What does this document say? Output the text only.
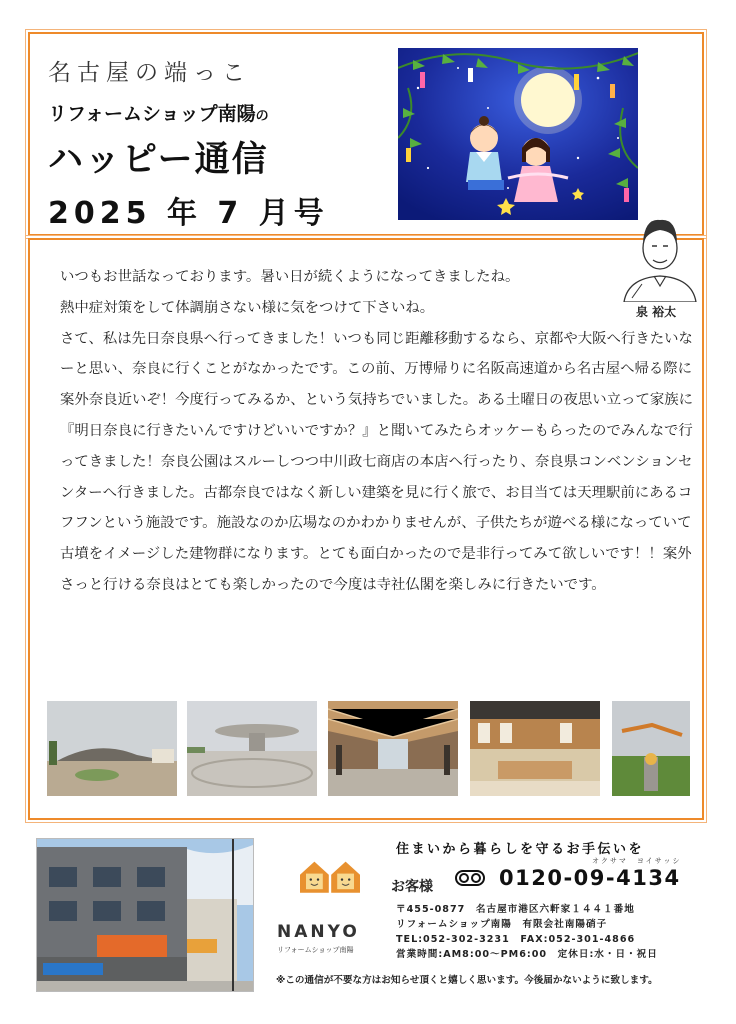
名古屋の端っこ
リフォームショップ南陽の
ハッピー通信
2025 年 7 月号
泉 裕太

いつもお世話なっております。暑い日が続くようになってきましたね。

熱中症対策をして体調崩さない様に気をつけて下さいね。

さて、私は先日奈良県へ行ってきました！いつも同じ距離移動するなら、京都や大阪へ行きたいなーと思い、奈良に行くことがなかったです。この前、万博帰りに名阪高速道から名古屋へ帰る際に案外奈良近いぞ！今度行ってみるか、という気持ちでいました。ある土曜日の夜思い立って家族に『明日奈良に行きたいんですけどいいですか？』と聞いてみたらオッケーもらったのでみんなで行ってきました！奈良公園はスルーしつつ中川政七商店の本店へ行ったり、奈良県コンベンションセンターへ行きました。古都奈良ではなく新しい建築を見に行く旅で、お目当ては天理駅前にあるコフフンという施設です。施設なのか広場なのかわかりませんが、子供たちが遊べる様になっていて古墳をイメージした建物群になります。とても面白かったので是非行ってみて欲しいです！！案外さっと行ける奈良はとても楽しかったので今度は寺社仏閣を楽しみに行きたいです。

NANYO
リフォームショップ南陽
住まいから暮らしを守るお手伝いを
オクサマ　ヨイサッシ
お客様	0120-09-4134
〒455-0877　名古屋市港区六軒家１４４１番地
リフォームショップ南陽　有限会社南陽硝子
TEL:052-302-3231　FAX:052-301-4866
営業時間:AM8:00～PM6:00　定休日:水・日・祝日
※この通信が不要な方はお知らせ頂くと嬉しく思います。今後届かないように致します。
